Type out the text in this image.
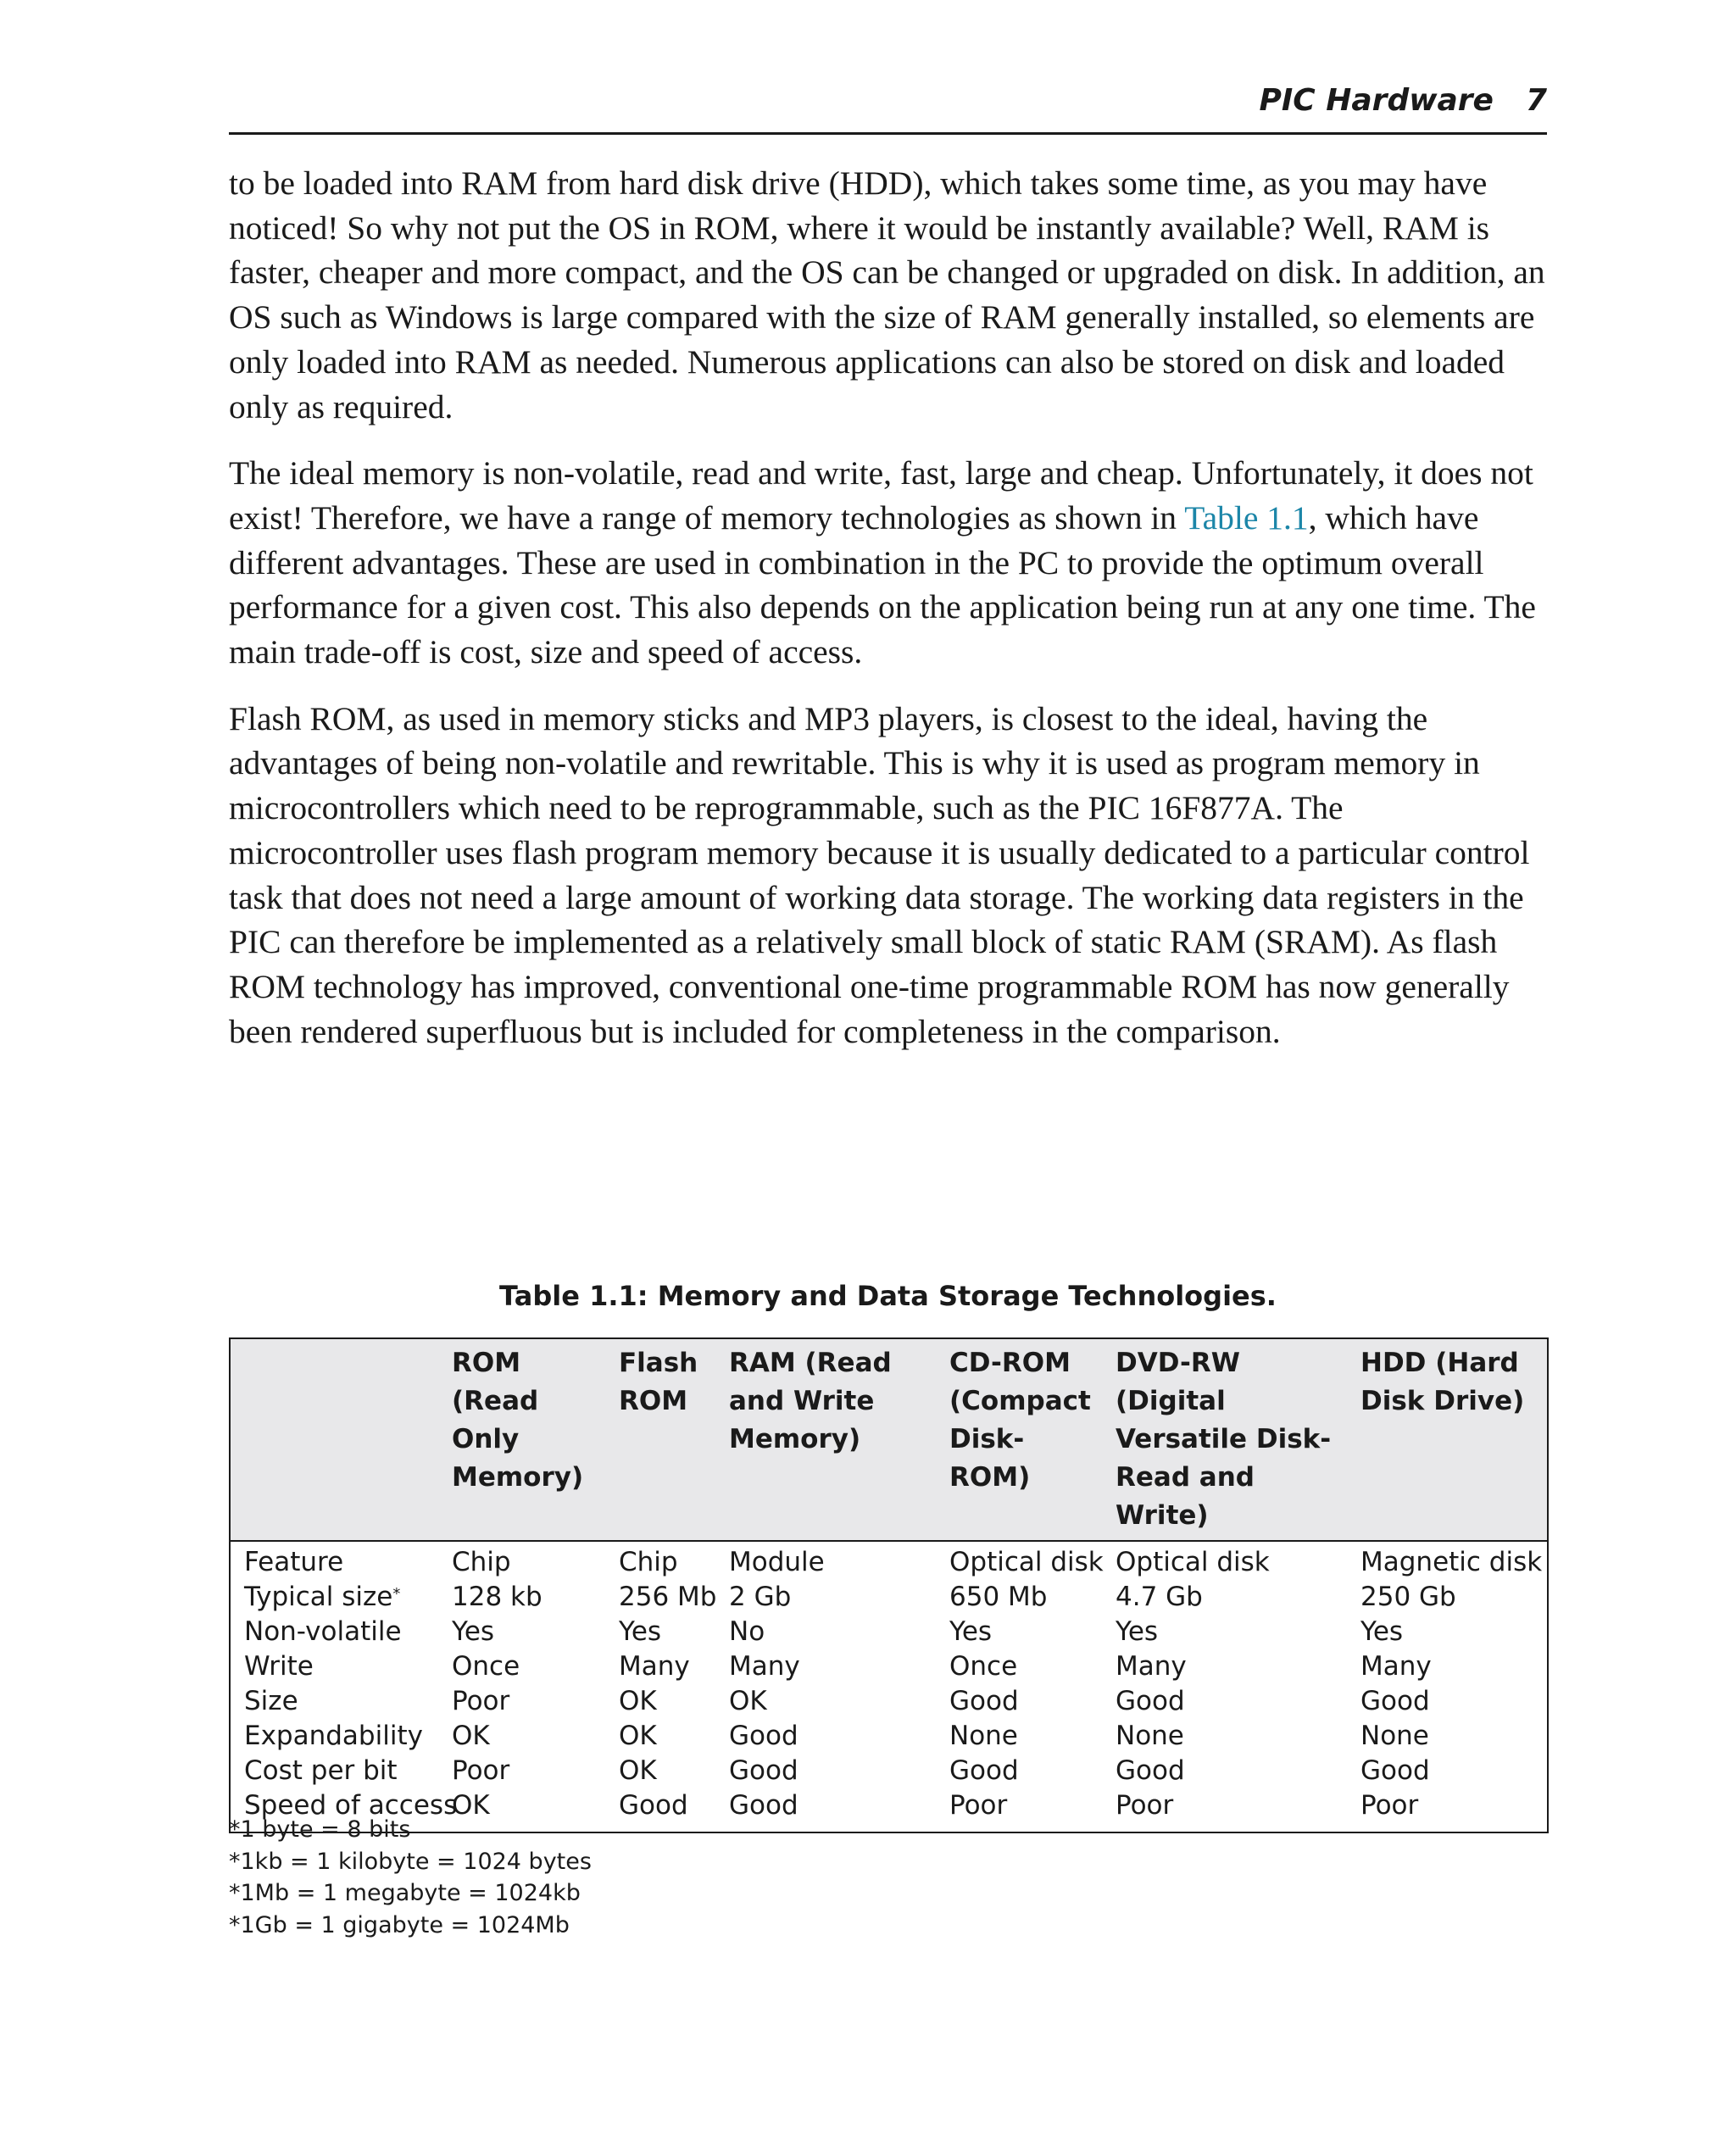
PIC Hardware 7

to be loaded into RAM from hard disk drive (HDD), which takes some time, as you may have noticed! So why not put the OS in ROM, where it would be instantly available? Well, RAM is faster, cheaper and more compact, and the OS can be changed or upgraded on disk. In addition, an OS such as Windows is large compared with the size of RAM generally installed, so elements are only loaded into RAM as needed. Numerous applications can also be stored on disk and loaded only as required.

The ideal memory is non-volatile, read and write, fast, large and cheap. Unfortunately, it does not exist! Therefore, we have a range of memory technologies as shown in Table 1.1, which have different advantages. These are used in combination in the PC to provide the optimum overall performance for a given cost. This also depends on the application being run at any one time. The main trade-off is cost, size and speed of access.

Flash ROM, as used in memory sticks and MP3 players, is closest to the ideal, having the advantages of being non-volatile and rewritable. This is why it is used as program memory in microcontrollers which need to be reprogrammable, such as the PIC 16F877A. The microcontroller uses flash program memory because it is usually dedicated to a particular control task that does not need a large amount of working data storage. The working data registers in the PIC can therefore be implemented as a relatively small block of static RAM (SRAM). As flash ROM technology has improved, conventional one-time programmable ROM has now generally been rendered superfluous but is included for completeness in the comparison.

Table 1.1: Memory and Data Storage Technologies.
	ROM (Read Only Memory)	Flash ROM	RAM (Read and Write Memory)	CD-ROM (Compact Disk-ROM)	DVD-RW (Digital Versatile Disk-Read and Write)	HDD (Hard Disk Drive)
Feature	Chip	Chip	Module	Optical disk	Optical disk	Magnetic disk
Typical size*	128 kb	256 Mb	2 Gb	650 Mb	4.7 Gb	250 Gb
Non-volatile	Yes	Yes	No	Yes	Yes	Yes
Write	Once	Many	Many	Once	Many	Many
Size	Poor	OK	OK	Good	Good	Good
Expandability	OK	OK	Good	None	None	None
Cost per bit	Poor	OK	Good	Good	Good	Good
Speed of access	OK	Good	Good	Poor	Poor	Poor
*1 byte = 8 bits
*1kb = 1 kilobyte = 1024 bytes
*1Mb = 1 megabyte = 1024kb
*1Gb = 1 gigabyte = 1024Mb
